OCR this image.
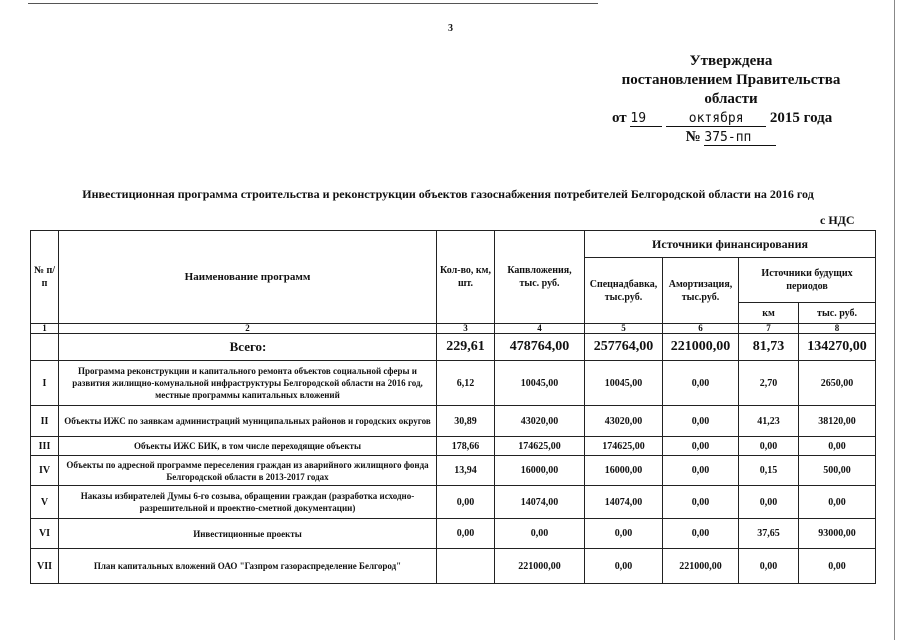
3
Утверждена
постановлением Правительства
области
от 19	октября 2015 года
№ 375-пп
Инвестиционная программа строительства и реконструкции объектов газоснабжения потребителей Белгородской области на 2016 год
с НДС
№ п/п	Наименование программ	Кол-во, км, шт.	Капвложения, тыс. руб.	Источники финансирования			
				Спецнадбавка, тыс.руб.	Амортизация, тыс.руб.	Источники будущих периодов	
						км	тыс. руб.
1	2	3	4	5	6	7	8
	Всего:	229,61	478764,00	257764,00	221000,00	81,73	134270,00
I	Программа реконструкции и капитального ремонта объектов социальной сферы и развития жилищно-комунальной инфраструктуры Белгородской области на 2016 год, местные программы капитальных вложений	6,12	10045,00	10045,00	0,00	2,70	2650,00
II	Объекты ИЖС по заявкам администраций муниципальных районов и городских округов	30,89	43020,00	43020,00	0,00	41,23	38120,00
III	Объекты ИЖС БИК, в том числе переходящие объекты	178,66	174625,00	174625,00	0,00	0,00	0,00
IV	Объекты по адресной программе переселения граждан из аварийного жилищного фонда Белгородской области в 2013-2017 годах	13,94	16000,00	16000,00	0,00	0,15	500,00
V	Наказы избирателей Думы 6-го созыва, обращении граждан (разработка исходно-разрешительной и проектно-сметной документации)	0,00	14074,00	14074,00	0,00	0,00	0,00
VI	Инвестиционные проекты	0,00	0,00	0,00	0,00	37,65	93000,00
VII	План капитальных вложений ОАО "Газпром газораспределение Белгород"		221000,00	0,00	221000,00	0,00	0,00
